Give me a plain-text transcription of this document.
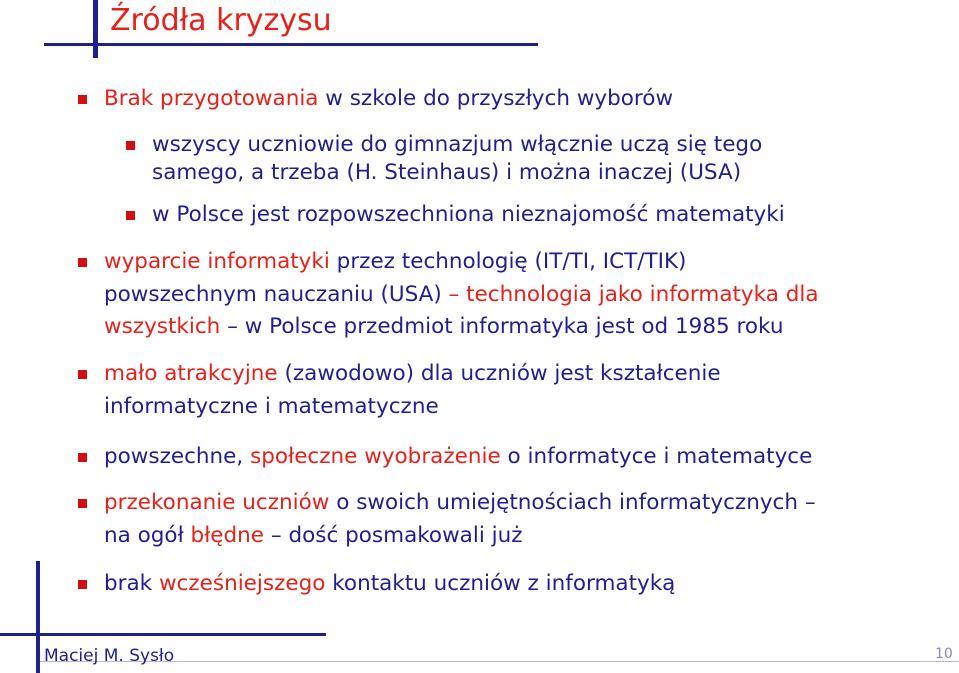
Źródła kryzysu
Brak przygotowania w szkole do przyszłych wyborów
wszyscy uczniowie do gimnazjum włącznie uczą się tego
samego, a trzeba (H. Steinhaus) i można inaczej (USA)
w Polsce jest rozpowszechniona nieznajomość matematyki
wyparcie informatyki przez technologię (IT/TI, ICT/TIK)
powszechnym nauczaniu (USA) – technologia jako informatyka dla
wszystkich – w Polsce przedmiot informatyka jest od 1985 roku
mało atrakcyjne (zawodowo) dla uczniów jest kształcenie
informatyczne i matematyczne
powszechne, społeczne wyobrażenie o informatyce i matematyce
przekonanie uczniów o swoich umiejętnościach informatycznych –
na ogół błędne – dość posmakowali już
brak wcześniejszego kontaktu uczniów z informatyką
Maciej M. Sysło	10
